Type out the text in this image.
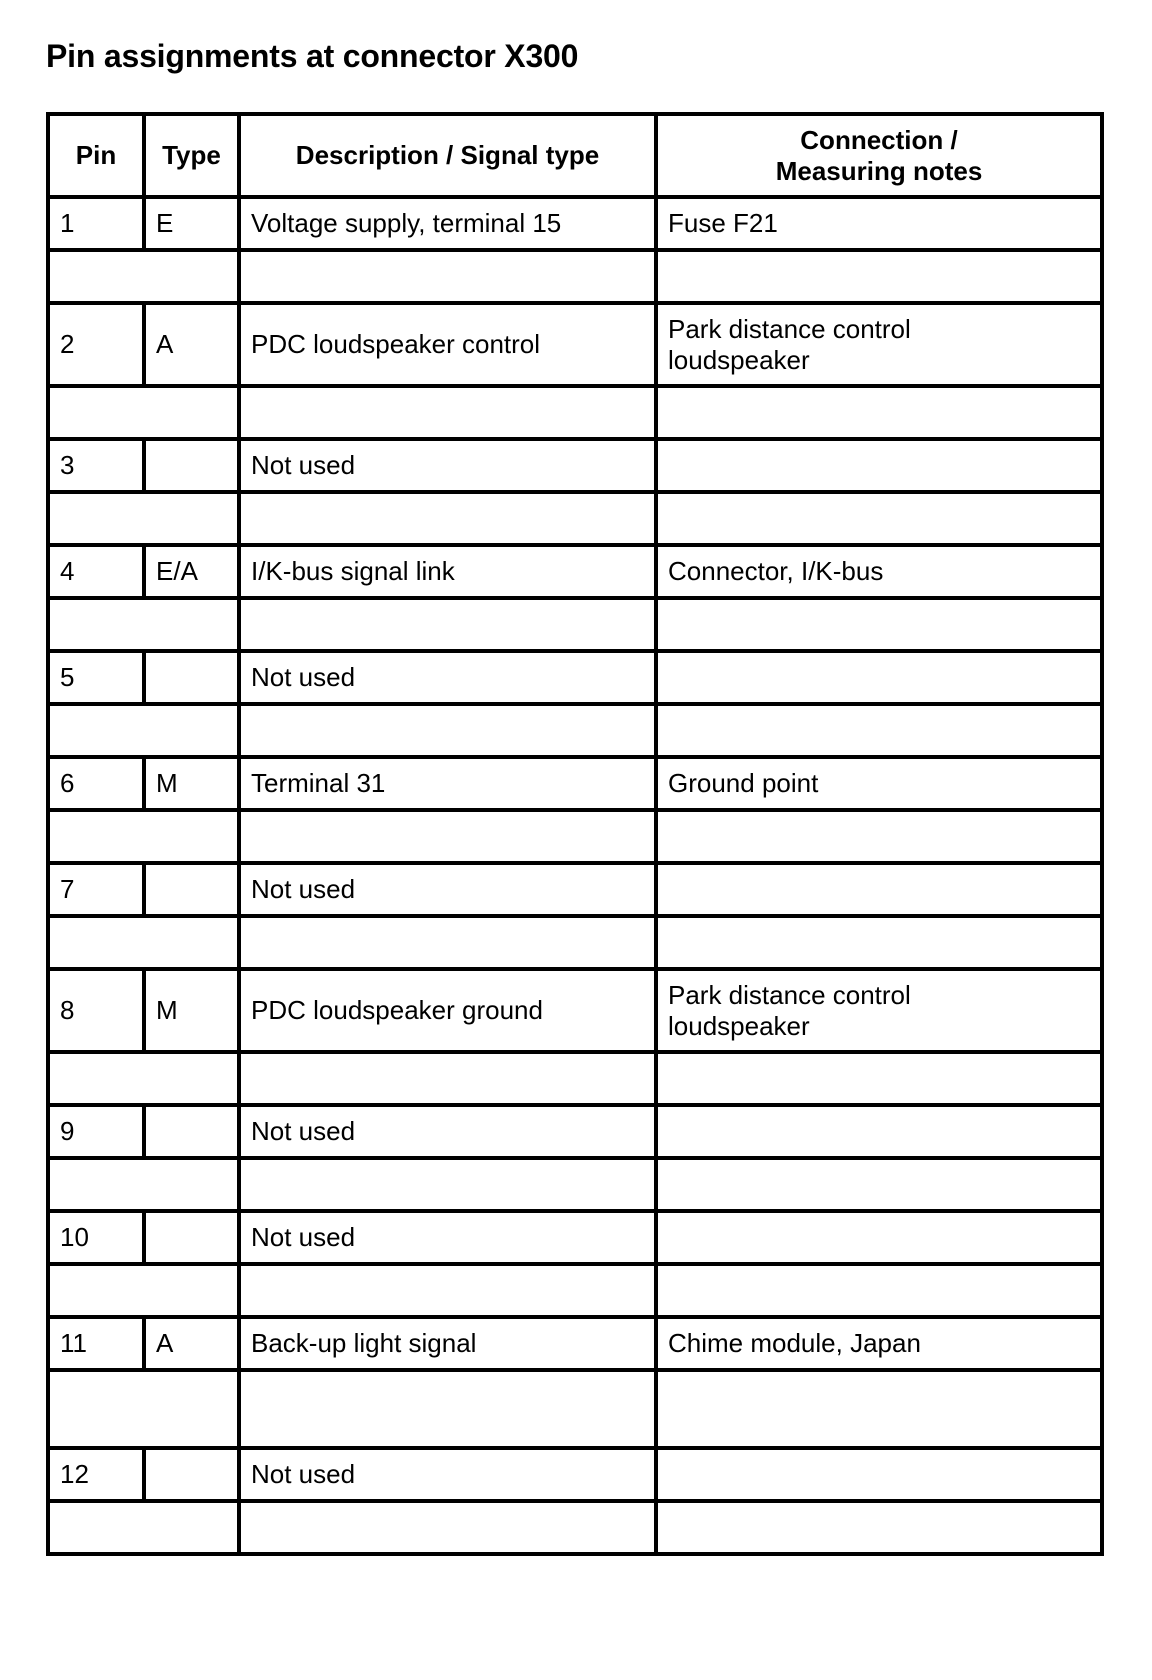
Pin assignments at connector X300
Pin	Type	Description / Signal type	Connection /
Measuring notes

1	E	Voltage supply, terminal 15	Fuse F21

2	A	PDC loudspeaker control	Park distance control
loudspeaker

3		Not used	

4	E/A	I/K-bus signal link	Connector, I/K-bus

5		Not used	

6	M	Terminal 31	Ground point

7		Not used	

8	M	PDC loudspeaker ground	Park distance control
loudspeaker

9		Not used	

10		Not used	

11	A	Back-up light signal	Chime module, Japan

12		Not used	
